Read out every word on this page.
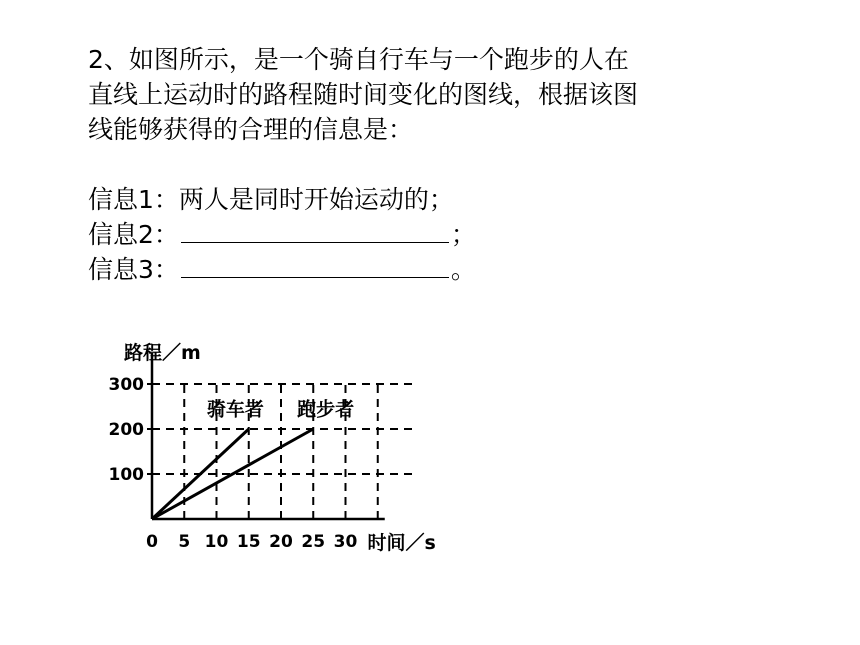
2、如图所示，是一个骑自行车与一个跑步的人在
直线上运动时的路程随时间变化的图线，根据该图
线能够获得的合理的信息是：
信息1：两人是同时开始运动的；
信息2：	；
信息3：	。
100
200
300
0 5 10 15 20 25 30
路程／m
时间／s
骑车者 跑步者
